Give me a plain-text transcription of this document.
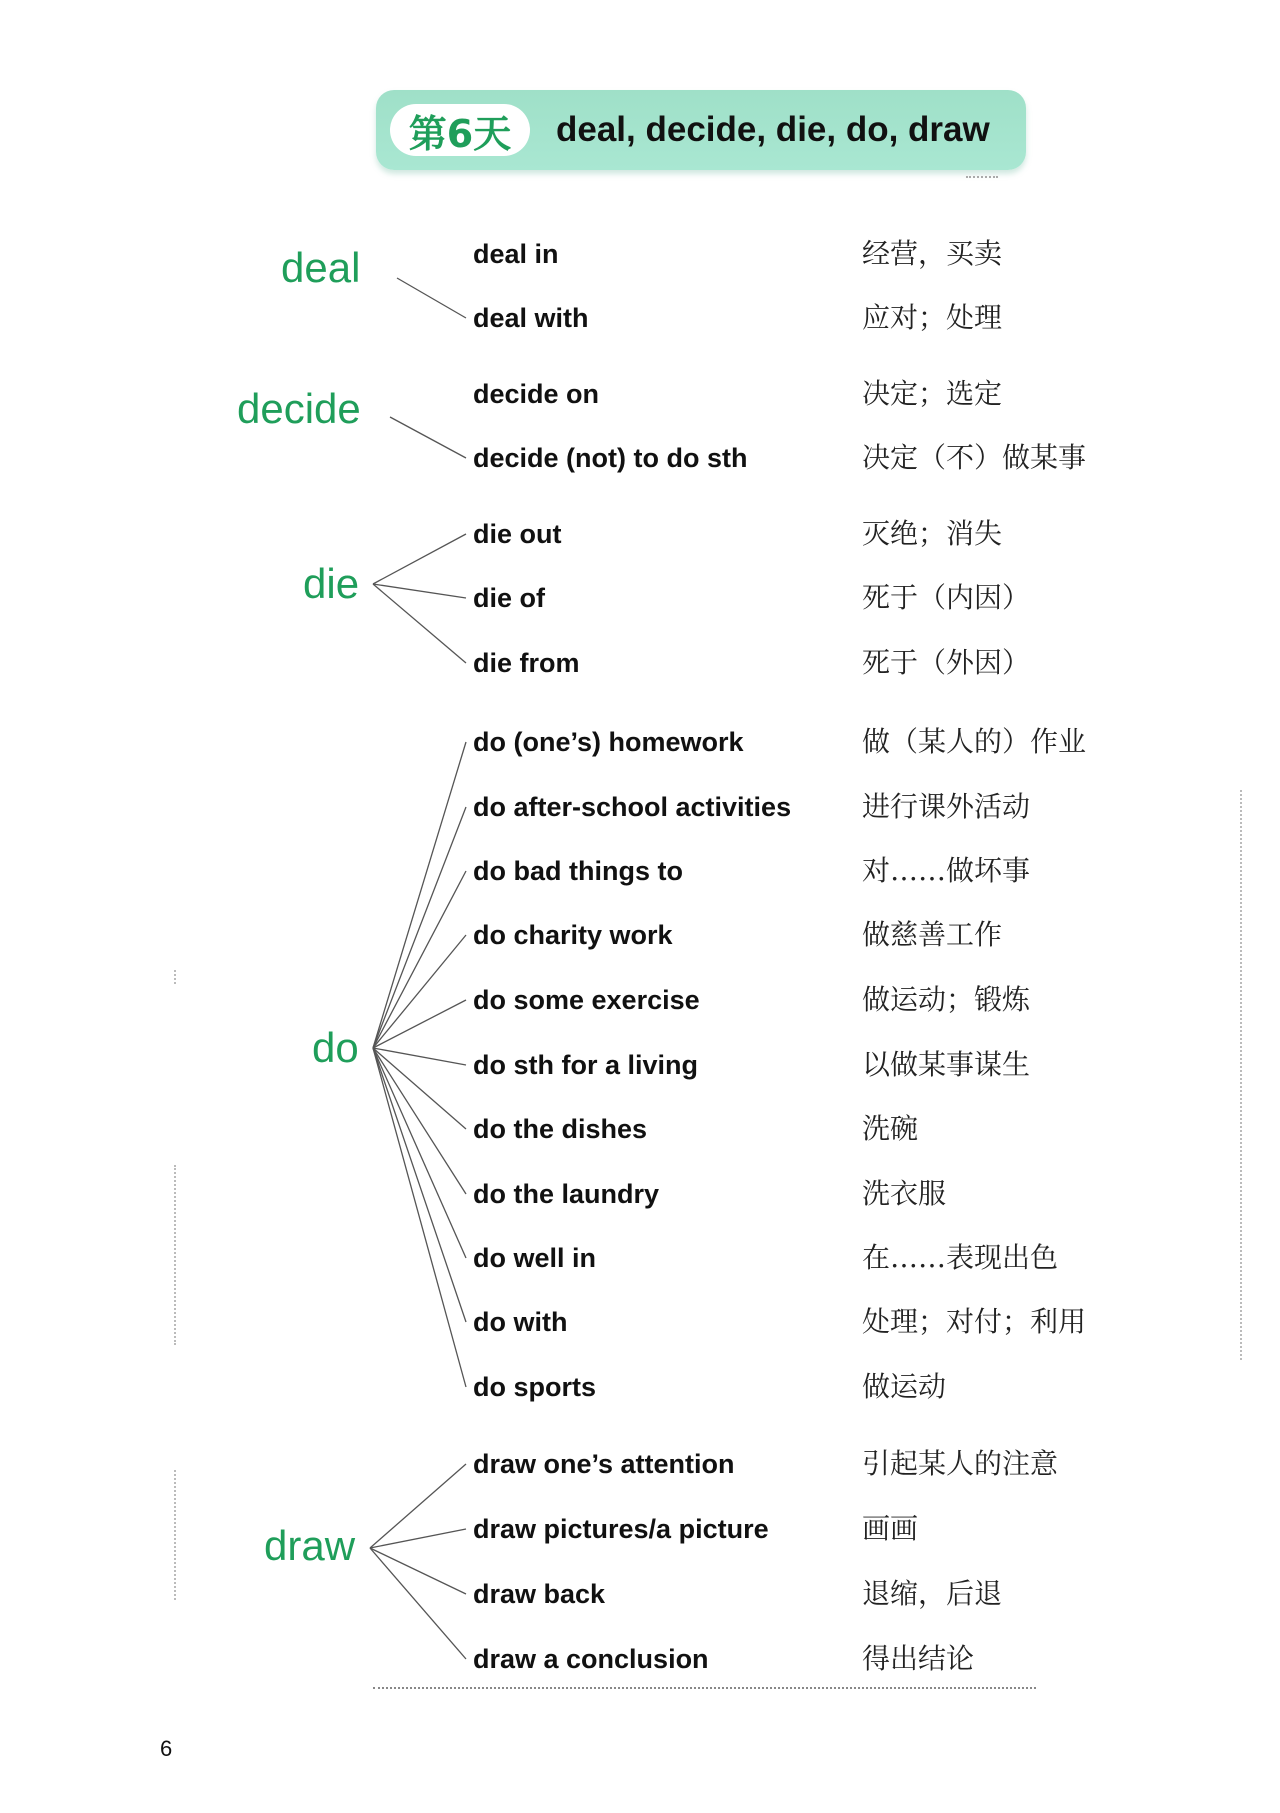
第6天	deal, decide, die, do, draw
deal	deal in	经营，买卖
deal with	应对；处理
decide	decide on	决定；选定
decide (not) to do sth	决定（不）做某事
die
die out	灭绝；消失
die of	死于（内因）
die from	死于（外因）
do
do (one’s) homework	做（某人的）作业
do after-school activities	进行课外活动
do bad things to	对……做坏事
do charity work	做慈善工作
do some exercise	做运动；锻炼
do sth for a living	以做某事谋生
do the dishes	洗碗
do the laundry	洗衣服
do well in	在……表现出色
do with	处理；对付；利用
do sports	做运动
draw
draw one’s attention	引起某人的注意
draw pictures/a picture	画画
draw back	退缩，后退
draw a conclusion	得出结论
6
